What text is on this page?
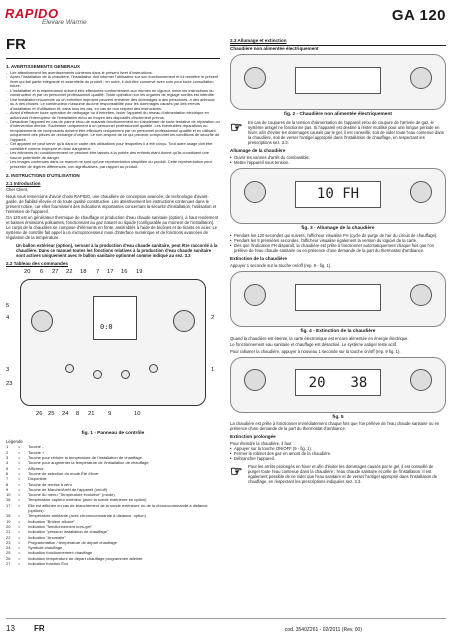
RAPIDO
Elevare Warme	GA 120
FR
1. AVERTISSEMENTS GENERAUX
- Lire attentivement les avertissements contenus dans le présent livret d'instructions.
- Après l'installation de la chaudière, l'installateur doit informer l'utilisateur sur son fonctionnement et lui remettre le présent livret qui fait partie intégrante et essentielle du produit ; en outre, il doit être conservé avec soin pour toute consultation future.
- L'installation et la maintenance doivent être effectuées conformément aux normes en vigueur, selon les instructions du constructeur et par un personnel professionnel qualifié. Toute opération sur les organes de réglage scellés est interdite.
- Une installation incorrecte ou un entretien impropre peuvent entraîner des dommages à des personnes, à des animaux ou à des choses. Le constructeur n'assume aucune responsabilité pour les dommages causés par des erreurs d'installation et d'utilisation et, dans tous les cas, en cas de non respect des instructions.
- Avant d'effectuer toute opération de nettoyage ou d'entretien, isoler l'appareil du réseau d'alimentation électrique en actionnant l'interrupteur de l'installation et/ou au moyen des dispositifs d'isolement prévus.
- Désactiver l'appareil en cas de panne et/ou de mauvais fonctionnement en s'abstenant de toute tentative de réparation ou d'intervention directe. S'adresser uniquement à un personnel professionnel qualifié. Les éventuelles réparations ou remplacements de composants doivent être effectués uniquement par un personnel professionnel qualifié et en utilisant uniquement des pièces de rechange d'origine. Le non-respect de ce qui précède compromet les conditions de sécurité de l'appareil.
- Cet appareil ne peut servir qu'à dans le cadre des utilisations pour lesquelles il a été conçu. Tout autre usage doit être considéré comme impropre et donc dangereux.
- Les éléments du conditionnement ne peuvent être laissés à la portée des enfants étant donné qu'ils constituent une source potentielle de danger.
- Les images contenues dans ce manuel ne sont qu'une représentation simplifiée du produit. Cette représentation peut présenter de légères différences, non significatives, par rapport au produit.
2. INSTRUCTIONS D'UTILISATION
2.1 Introduction
Cher Client,
Nous vous remercions d'avoir choisi RAPIDO, une chaudière de conception avancée, de technologie d'avant-garde, de fiabilité élevée et de toute qualité constructive. Lire attentivement les instructions contenues dans le présent notice, car elles fournissent des indications importantes concernant la sécurité d'installation, l'utilisation et l'entretien de l'appareil.
GA 120 est un générateur thermique de chauffage et production d'eau chaude sanitaire (option), à haut rendement et basses émissions polluantes, fonctionnant au gaz naturel ou liquide (configurable au moment de l'installation). Le corps de la chaudière se compose d'éléments en fonte, assemblés à l'aide de bicônes et de tirants en acier. Le système de contrôle fait appel à un microprocesseur muni d'interface numérique et de fonctions avancées de régulation de la température.
Un ballon extérieur (option), servant à la production d'eau chaude sanitaire, peut être raccordé à la chaudière. Dans ce manuel toutes les fonctions relatives à la production d'eau chaude sanitaire sont actives uniquement avec le ballon sanitaire optionnel comme indiqué au sez. 3.3
2.2 Tableau des commandes
20 6 27 22 18 7 17 16 19
5
4
3
23
2
1
0:0
26 25 24 8 21 9	10
fig. 1 - Panneau de contrôle
Légende
1	=	Touche -
2	=	Touche +
3	=	Touche pour réduire la température de l'installation de chauffage
4	=	Touche pour augmenter la température de l'installation de chauffage
5	=	Afficheur
6	=	Touche de sélection du mode Été /Hiver
7	=	Disponible
8	=	Touche de remise à zéro
9	=	Touche de Marche/Arrêt de l'appareil (on/off)
10	=	Touche du menu "Température évolutive" (mode)
16	=	Température capteur extérieur (avec la sonde extérieure en option)
17	=	Elle est affichée en cas de branchement de la sonde extérieure ou de la chronocommande à distance (options)
18	=	Température ambiante (avec chronocommande à distance, option)
19	=	Indication "Brûleur allumé"
20	=	Indication "fonctionnement hors-gel"
21	=	Indication "pression installation de chauffage"
22	=	Indication "Anomalie"
23	=	Programmation / température de départ chauffage
24	=	Symbole chauffage
25	=	Indication fonctionnement chauffage
26	=	Indication température de départ chauffage programmée atteinte
27	=	Indication fonction Éco
2.3 Allumage et extinction
Chaudière non alimentée électriquement
fig. 2 - Chaudière non alimentée électriquement
☞	En cas de coupures de la tension d'alimentation de l'appareil et/ou de coupure de l'arrivée de gaz, le système antigel ne fonctionne pas. Si l'appareil est destiné à rester inutilisé pour une longue période en hiver, afin d'éviter les dommages causés par le gel, il est conseillé, soit de vider toute l'eau contenue dans la chaudière, soit de verser l'antigel approprié dans l'installation de chauffage, en respectant les prescriptions sez. 3.3.
Allumage de la chaudière
• Ouvrir les vannes d'arrêt du combustible.
• Mettre l'appareil sous tension.
10 FH
fig. 3 - Allumage de la chaudière
• Pendant les 120 secondes qui suivent, l'afficheur visualise FH (cycle de purge de l'air du circuit de chauffage).
• Pendant les 5 premières secondes, l'afficheur visualise également la version du logiciel de la carte.
• Dès que l'indication FH disparaît, la chaudière est prête à fonctionner automatiquement chaque fois que l'on prélève de l'eau chaude sanitaire ou en présence d'une demande de la part du thermostat d'ambiance.
Extinction de la chaudière
Appuyer 1 seconde sur la touche on/off (rep. 9 - fig. 1).
fig. 4 - Extinction de la chaudière
Quand la chaudière est éteinte, la carte électronique est encore alimentée en énergie électrique.
Le fonctionnement eau sanitaire et chauffage est désactivé. Le système antigel reste actif.
Pour rallumer la chaudière, appuyer à nouveau 1 seconde sur la touche on/off (rep. 9 fig. 1).
20 38
fig. 5
La chaudière est prête à fonctionner immédiatement chaque fois que l'on prélève de l'eau chaude sanitaire ou en présence d'une demande de la part du thermostat d'ambiance.
Extinction prolongée
Pour éteindre la chaudière, il faut :
• Appuyer sur la touche ON/OFF (9 - fig. 1).
• Fermer le robinet des gaz en amont de la chaudière.
• Débrancher l'appareil.
☞	Pour les arrêts prolongés en hiver et afin d'éviter les dommages causés par le gel, il est conseillé de purger toute l'eau contenue dans la chaudière ; l'eau chaude sanitaire et celle de l'installation. Il est également possible de ne vider que l'eau sanitaire et de verser l'antigel approprié dans l'installation de chauffage, en respectant les prescriptions indiquées sez. 3.3.
13 FR	cod. 3540Z261 - 02/2011 (Rev. 00)
